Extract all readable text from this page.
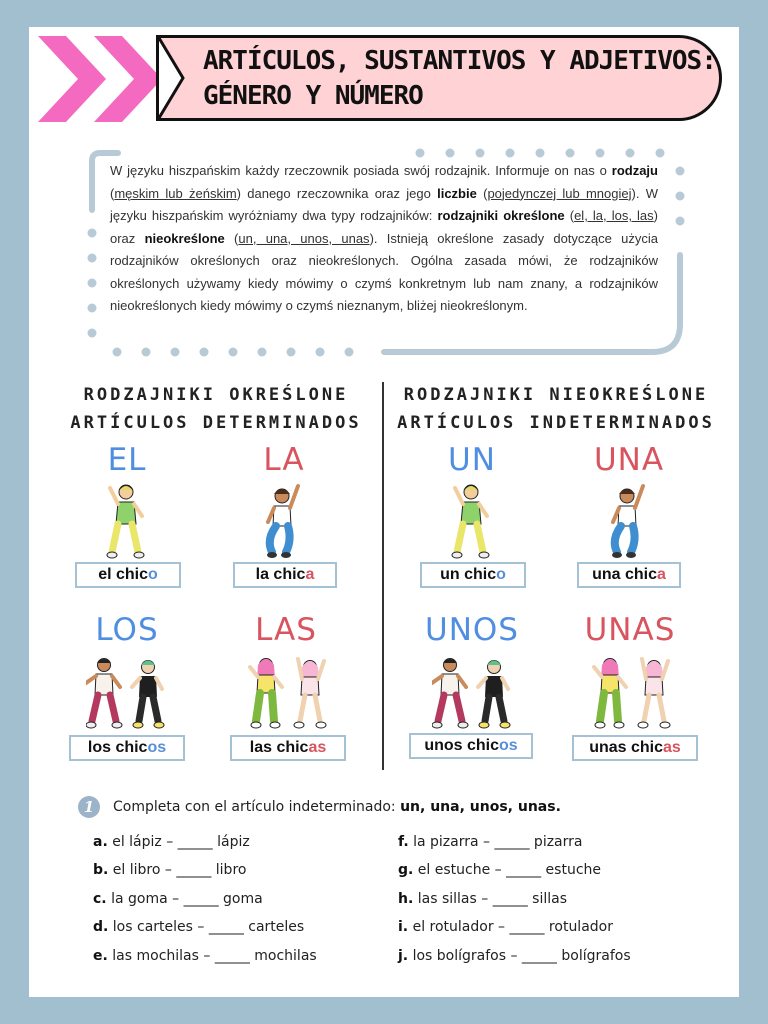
ARTÍCULOS, SUSTANTIVOS Y ADJETIVOS:
GÉNERO Y NÚMERO
W języku hiszpańskim każdy rzeczownik posiada swój rodzajnik. Informuje on nas o rodzaju (męskim lub żeńskim) danego rzeczownika oraz jego liczbie (pojedynczej lub mnogiej). W języku hiszpańskim wyróżniamy dwa typy rodzajników: rodzajniki określone (el, la, los, las) oraz nieokreślone (un, una, unos, unas). Istnieją określone zasady dotyczące użycia rodzajników określonych oraz nieokreślonych. Ogólna zasada mówi, że rodzajników określonych używamy kiedy mówimy o czymś konkretnym lub nam znany, a rodzajników nieokreślonych kiedy mówimy o czymś nieznanym, bliżej nieokreślonym.
RODZAJNIKI OKREŚLONE
ARTÍCULOS DETERMINADOS
RODZAJNIKI NIEOKREŚLONE
ARTÍCULOS INDETERMINADOS
EL
el chico
LA
la chica
LOS
los chicos
LAS
las chicas
UN
un chico
UNA
una chica
UNOS
unos chicos
UNAS
unas chicas
1	Completa con el artículo indeterminado: un, una, unos, unas.
a. el lápiz – _____ lápiz
b. el libro – _____ libro
c. la goma – _____ goma
d. los carteles – _____ carteles
e. las mochilas – _____ mochilas
f. la pizarra – _____ pizarra
g. el estuche – _____ estuche
h. las sillas – _____ sillas
i. el rotulador – _____ rotulador
j. los bolígrafos – _____ bolígrafos
